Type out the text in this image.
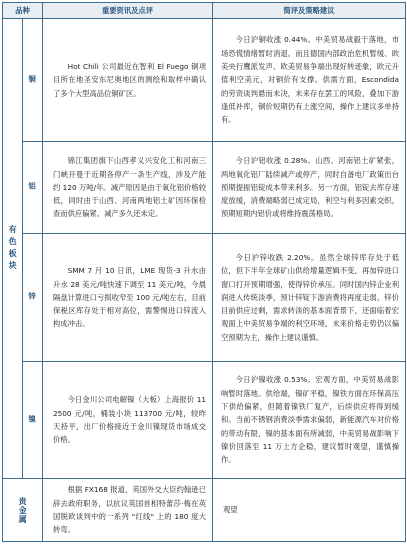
品种		重要资讯及点评	简评及策略建议

有色板块	铜	Hot Chili 公司最近在智利 El Fuego 铜项目所在地圣安东尼奥地区的测绘和取样中确认了多个大型高品位铜矿区。	今日沪铜收涨 0.44%。中美贸易战毅于落地，市场恐慌情绪暂时消退。而且德国内部政治危机暂缓、欧美央行鹰派发声、欧美贸易争端出现好转迹象，欧元升值利空美元，对铜价有支撑。供需方面，Escondida 的劳资谈判悬而未决，未来存在罢工的风险，叠加下游逢低补库，铜价短期仍有上涨空间，操作上建议多单持有。

	铝	锦江集团旗下山西孝义兴安化工和河南三门峡开曼于近期各停产一条生产线，涉及产能约 120 万吨/年。减产原因是由于氧化铝价格较低，同时由于山西、河南两地铝土矿因环保检查而供应偏紧。减产多久还未定。	今日沪铝收涨 0.28%。山西、河南铝土矿紧张，两地氧化铝厂陆续减产或停产，同时自备电厂政策出台预期提振铝锭成本带来利多。另一方面，铝锭去库存速度放缓，消费端略弱已成定局，利空与利多因素交织，预期短期内铝价或将维持震荡格局。

	锌	SMM 7 月 10 日讯，LME 现货-3 升水由升水 28 美元/吨快速下调至 11 美元/吨，今晨隔盘计算进口亏损收窄至 100 元/吨左右，目前保税区库存处于相对高位，需警惕进口锌流入构成冲击。	今日沪锌收跌 2.20%。虽然全球锌库存处于低位，但下半年全球矿山供给增量逻辑不变，再加锌进口窗口打开预期增强，使得锌价承压。同时国内锌企业利润进入传统淡季，预计锌锭下游消费将再度走弱。锌价目前供应过剩，需求转淡的基本面背景下，还面临着宏观面上中美贸易争端的利空环境，未来价格走势仍以偏空预期为主，操作上建议谨慎。

	镍	今日金川公司电解镍（大板）上海报价 112500 元/吨，桶装小块 113700 元/吨，较昨天持平，出厂价格接近于金川镍现货市场成交价格。	今日沪镍收涨 0.53%。宏观方面，中美贸易战影响暂时落地。供给端，镍矿平稳，镍铁方面在环保高压下供给偏紧，但随着镍铁厂复产，后续供应将得到缓和。当前不锈钢消费淡季需求偏弱，新能源汽车对价格的带动有限，镍的基本面有所减弱，中美贸易战影响下镍价回落至 11 万上方企稳，建议暂时观望，谨慎操作。

贵金属		根据 FX168 报道，英国外交大臣约翰逊已辞去政府职务，以抗议英国首相特蕾莎·梅在英国脱欧谈判中的一系列 "红线" 上的 180 度大转弯。	观望
